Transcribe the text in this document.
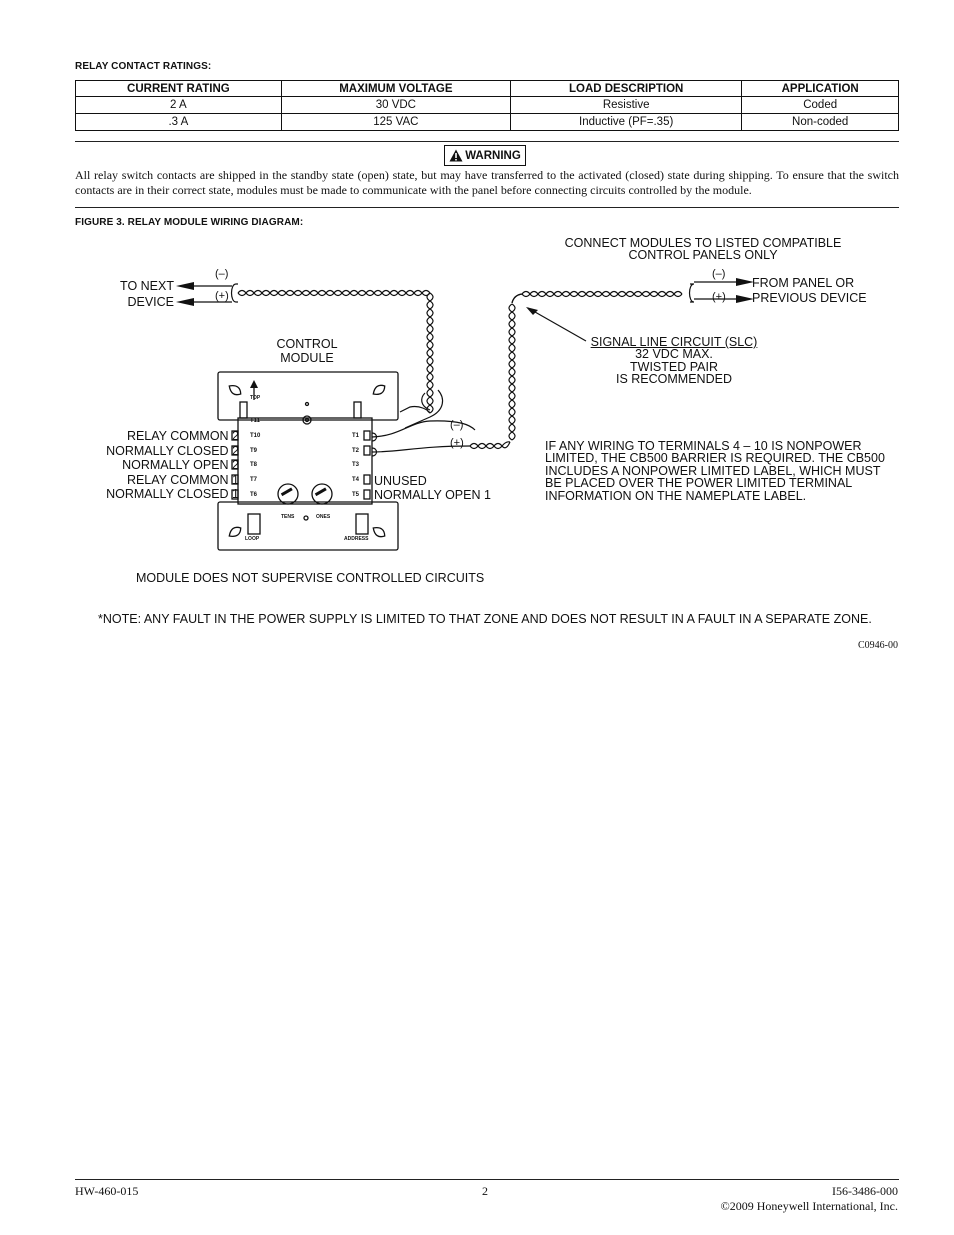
RELAY CONTACT RATINGS:
CURRENT RATING	MAXIMUM VOLTAGE	LOAD DESCRIPTION	APPLICATION
2 A	30 VDC	Resistive	Coded
.3 A	125 VAC	Inductive (PF=.35)	Non-coded
WARNING
All relay switch contacts are shipped in the standby state (open) state, but may have transferred to the activated (closed) state during shipping. To ensure that the switch contacts are in their correct state, modules must be made to communicate with the panel before connecting circuits controlled by the module.
FIGURE 3. RELAY MODULE WIRING DIAGRAM:
CONNECT MODULES TO LISTED COMPATIBLE
CONTROL PANELS ONLY
TO NEXT
DEVICE
(–)
(+)
FROM PANEL OR
PREVIOUS DEVICE
(–)
(+)
CONTROL
MODULE
SIGNAL LINE CIRCUIT (SLC)
32 VDC MAX.
TWISTED PAIR
IS RECOMMENDED
(–)
(+)
RELAY COMMON 2
NORMALLY CLOSED 2
NORMALLY OPEN 2
RELAY COMMON 1
NORMALLY CLOSED 1
UNUSED
NORMALLY OPEN 1
T11
T10
T9
T8
T7
T6
T1
T2
T3
T4
T5
TOP
TENS	ONES
LOOP	ADDRESS
IF ANY WIRING TO TERMINALS 4 – 10 IS NONPOWER
LIMITED, THE CB500 BARRIER IS REQUIRED. THE CB500
INCLUDES A NONPOWER LIMITED LABEL, WHICH MUST
BE PLACED OVER THE POWER LIMITED TERMINAL
INFORMATION ON THE NAMEPLATE LABEL.
MODULE DOES NOT SUPERVISE CONTROLLED CIRCUITS
*NOTE: ANY FAULT IN THE POWER SUPPLY IS LIMITED TO THAT ZONE AND DOES NOT RESULT IN A FAULT IN A SEPARATE ZONE.
C0946-00
HW-460-015	2	I56-3486-000
©2009 Honeywell International, Inc.
